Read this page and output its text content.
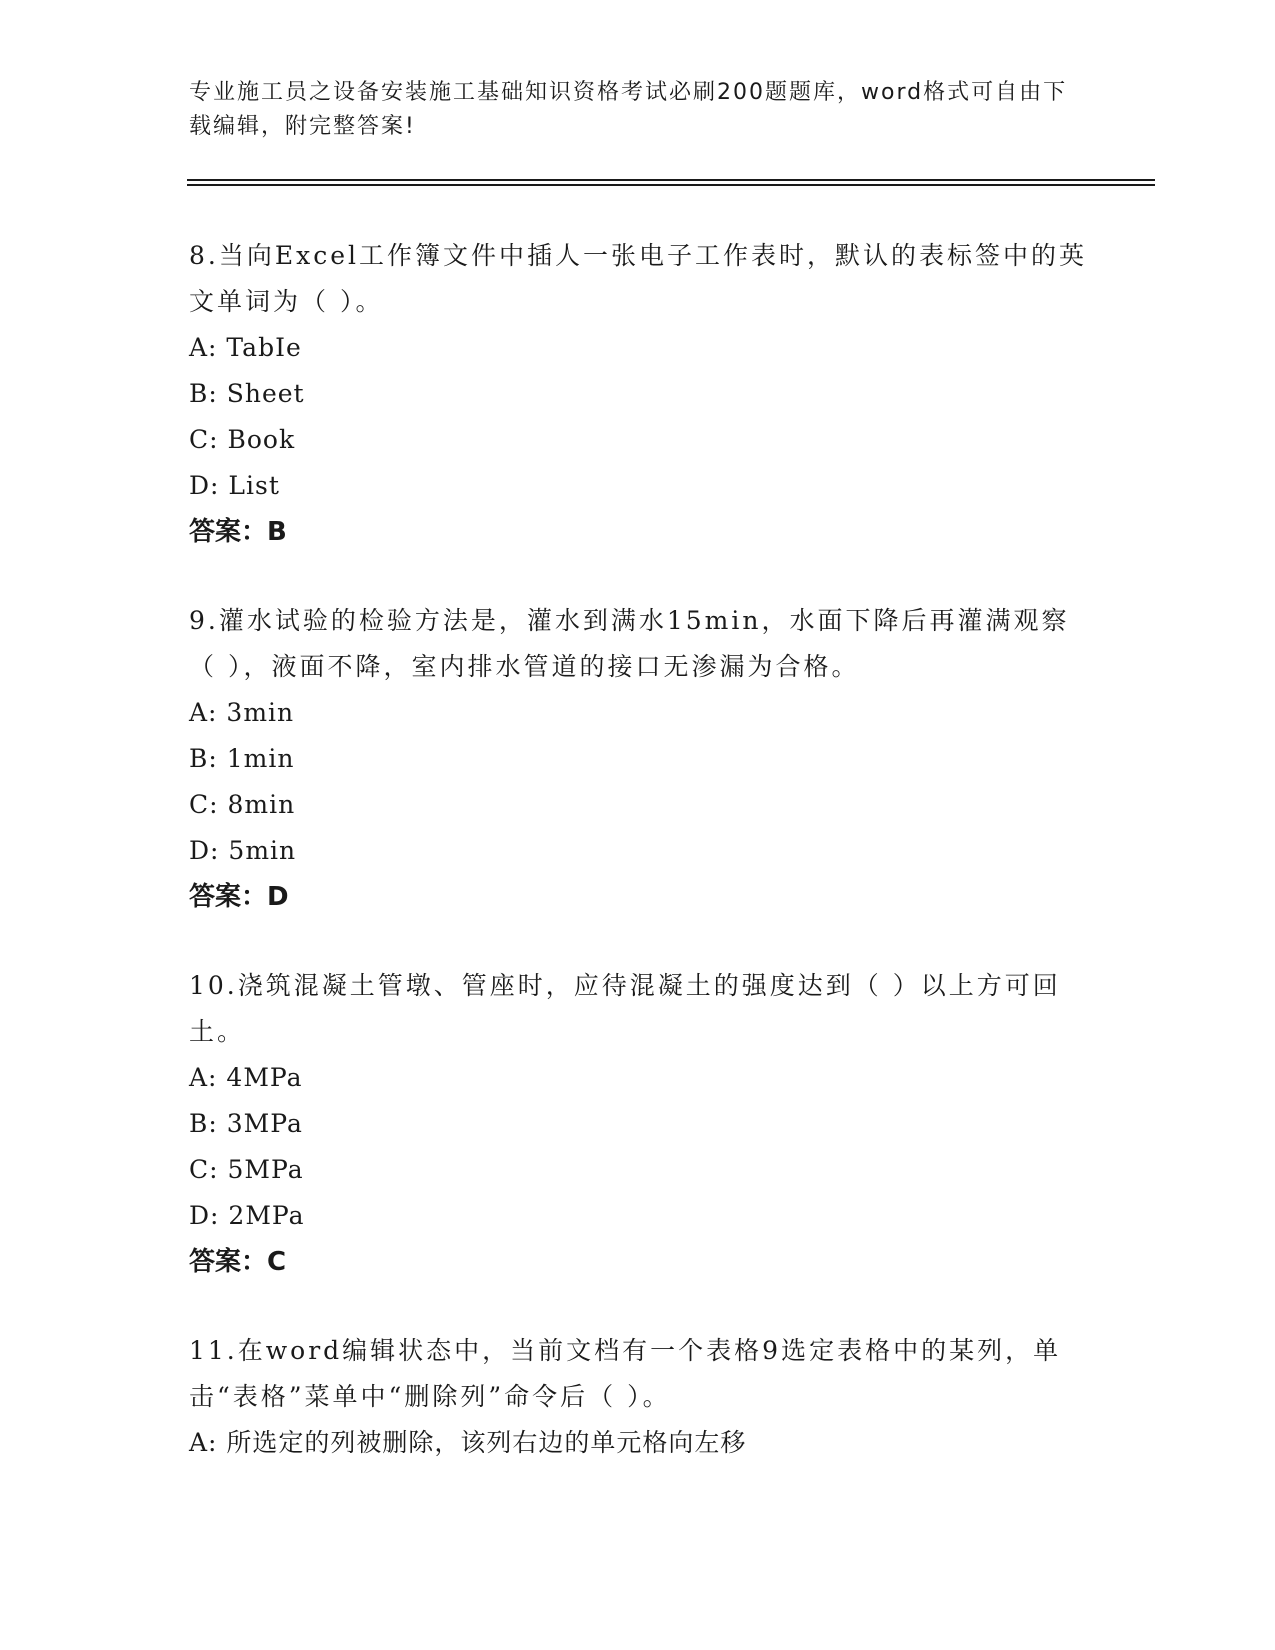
专业施工员之设备安装施工基础知识资格考试必刷200题题库，word格式可自由下载编辑，附完整答案!

8.当向Excel工作簿文件中插人一张电子工作表时，默认的表标签中的英文单词为（ ）。

A: TabIe

B: Sheet

C: Book

D: List

答案：B

9.灌水试验的检验方法是，灌水到满水15min，水面下降后再灌满观察（ ），液面不降，室内排水管道的接口无渗漏为合格。

A: 3min

B: 1min

C: 8min

D: 5min

答案：D

10.浇筑混凝土管墩、管座时，应待混凝土的强度达到（ ）以上方可回土。

A: 4MPa

B: 3MPa

C: 5MPa

D: 2MPa

答案：C

11.在word编辑状态中，当前文档有一个表格9选定表格中的某列，单击“表格”菜单中“删除列”命令后（ ）。

A: 所选定的列被删除，该列右边的单元格向左移
